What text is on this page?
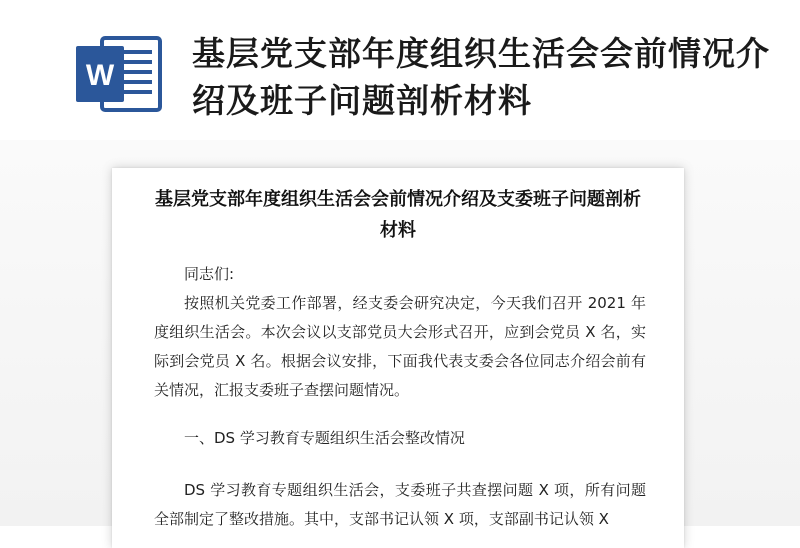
W
基层党支部年度组织生活会会前情况介绍及班子问题剖析材料
基层党支部年度组织生活会会前情况介绍及支委班子问题剖析材料
同志们:
按照机关党委工作部署，经支委会研究决定，今天我们召开 2021 年度组织生活会。本次会议以支部党员大会形式召开，应到会党员 X 名，实际到会党员 X 名。根据会议安排，下面我代表支委会各位同志介绍会前有关情况，汇报支委班子查摆问题情况。
一、DS 学习教育专题组织生活会整改情况
DS 学习教育专题组织生活会，支委班子共查摆问题 X 项，所有问题全部制定了整改措施。其中，支部书记认领 X 项，支部副书记认领 X
